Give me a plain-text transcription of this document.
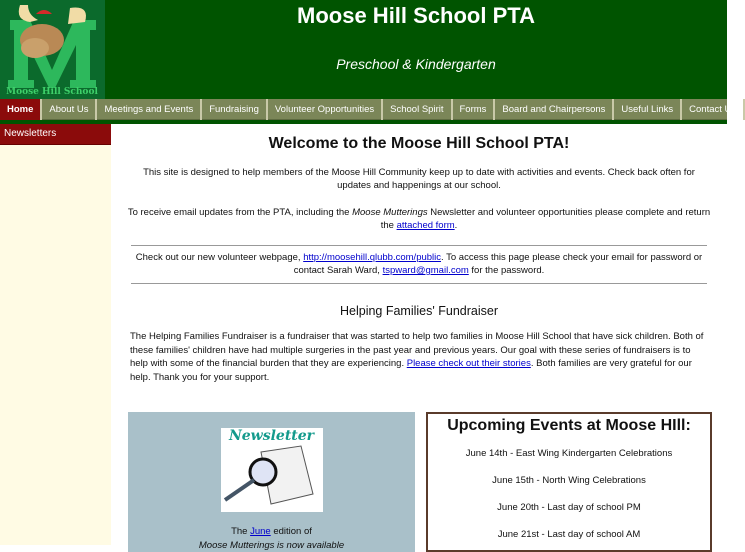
Moose Hill School
Moose Hill School PTA
Preschool & Kindergarten
Home	About Us	Meetings and Events	Fundraising	Volunteer Opportunities	School Spirit	Forms	Board and Chairpersons	Useful Links	Contact Us
Newsletters
Welcome to the Moose Hill School PTA!

This site is designed to help members of the Moose Hill Community keep up to date with activities and events. Check back often for updates and happenings at our school.

To receive email updates from the PTA, including the Moose Mutterings Newsletter and volunteer opportunities please complete and return the attached form.

Check out our new volunteer webpage, http://moosehill.qlubb.com/public. To access this page please check your email for password or contact Sarah Ward, tspward@gmail.com for the password.

Helping Families' Fundraiser

The Helping Families Fundraiser is a fundraiser that was started to help two families in Moose Hill School that have sick children. Both of these families' children have had multiple surgeries in the past year and previous years. Our goal with these series of fundraisers is to help with some of the financial burden that they are experiencing. Please check out their stories. Both families are very grateful for our help. Thank you for your support.

Newsletter

The June edition of

Moose Mutterings is now available

Upcoming Events at Moose HIll:
June 14th - East Wing Kindergarten Celebrations
June 15th - North Wing Celebrations
June 20th - Last day of school PM
June 21st - Last day of school AM
